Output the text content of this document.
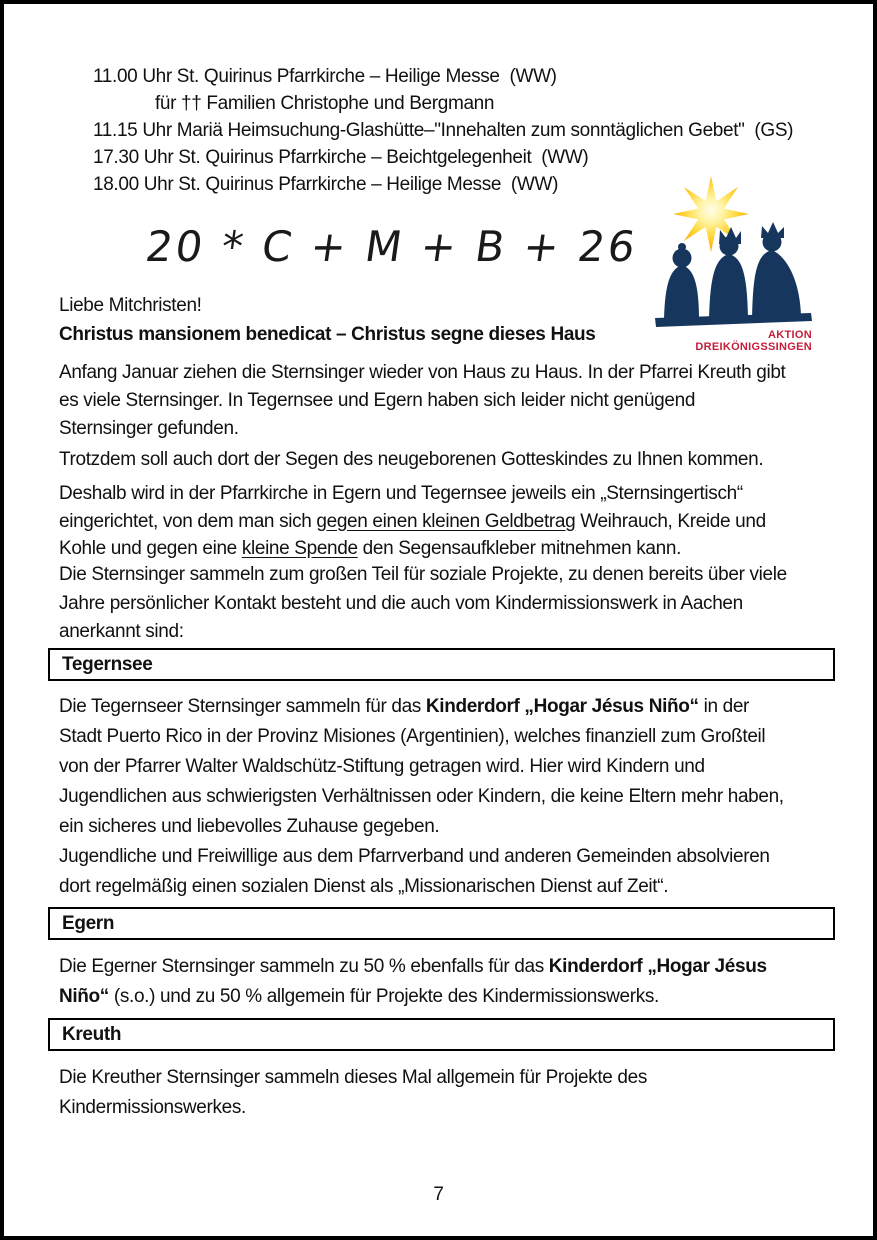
11.00 Uhr St. Quirinus Pfarrkirche – Heilige Messe  (WW)
für †† Familien Christophe und Bergmann
11.15 Uhr Mariä Heimsuchung-Glashütte–"Innehalten zum sonntäglichen Gebet"  (GS)
17.30 Uhr St. Quirinus Pfarrkirche – Beichtgelegenheit  (WW)
18.00 Uhr St. Quirinus Pfarrkirche – Heilige Messe  (WW)
20 * C + M + B + 26
AKTION
DREIKÖNIGSSINGEN
Liebe Mitchristen!
Christus mansionem benedicat – Christus segne dieses Haus
Anfang Januar ziehen die Sternsinger wieder von Haus zu Haus. In der Pfarrei Kreuth gibt
es viele Sternsinger. In Tegernsee und Egern haben sich leider nicht genügend
Sternsinger gefunden.
Trotzdem soll auch dort der Segen des neugeborenen Gotteskindes zu Ihnen kommen.
Deshalb wird in der Pfarrkirche in Egern und Tegernsee jeweils ein „Sternsingertisch“
eingerichtet, von dem man sich gegen einen kleinen Geldbetrag Weihrauch, Kreide und
Kohle und gegen eine kleine Spende den Segensaufkleber mitnehmen kann.
Die Sternsinger sammeln zum großen Teil für soziale Projekte, zu denen bereits über viele
Jahre persönlicher Kontakt besteht und die auch vom Kindermissionswerk in Aachen
anerkannt sind:
Tegernsee
Die Tegernseer Sternsinger sammeln für das Kinderdorf „Hogar Jésus Niño“ in der
Stadt Puerto Rico in der Provinz Misiones (Argentinien), welches finanziell zum Großteil
von der Pfarrer Walter Waldschütz-Stiftung getragen wird. Hier wird Kindern und
Jugendlichen aus schwierigsten Verhältnissen oder Kindern, die keine Eltern mehr haben,
ein sicheres und liebevolles Zuhause gegeben.
Jugendliche und Freiwillige aus dem Pfarrverband und anderen Gemeinden absolvieren
dort regelmäßig einen sozialen Dienst als „Missionarischen Dienst auf Zeit“.
Egern
Die Egerner Sternsinger sammeln zu 50 % ebenfalls für das Kinderdorf „Hogar Jésus
Niño“ (s.o.) und zu 50 % allgemein für Projekte des Kindermissionswerks.
Kreuth
Die Kreuther Sternsinger sammeln dieses Mal allgemein für Projekte des
Kindermissionswerkes.
7
